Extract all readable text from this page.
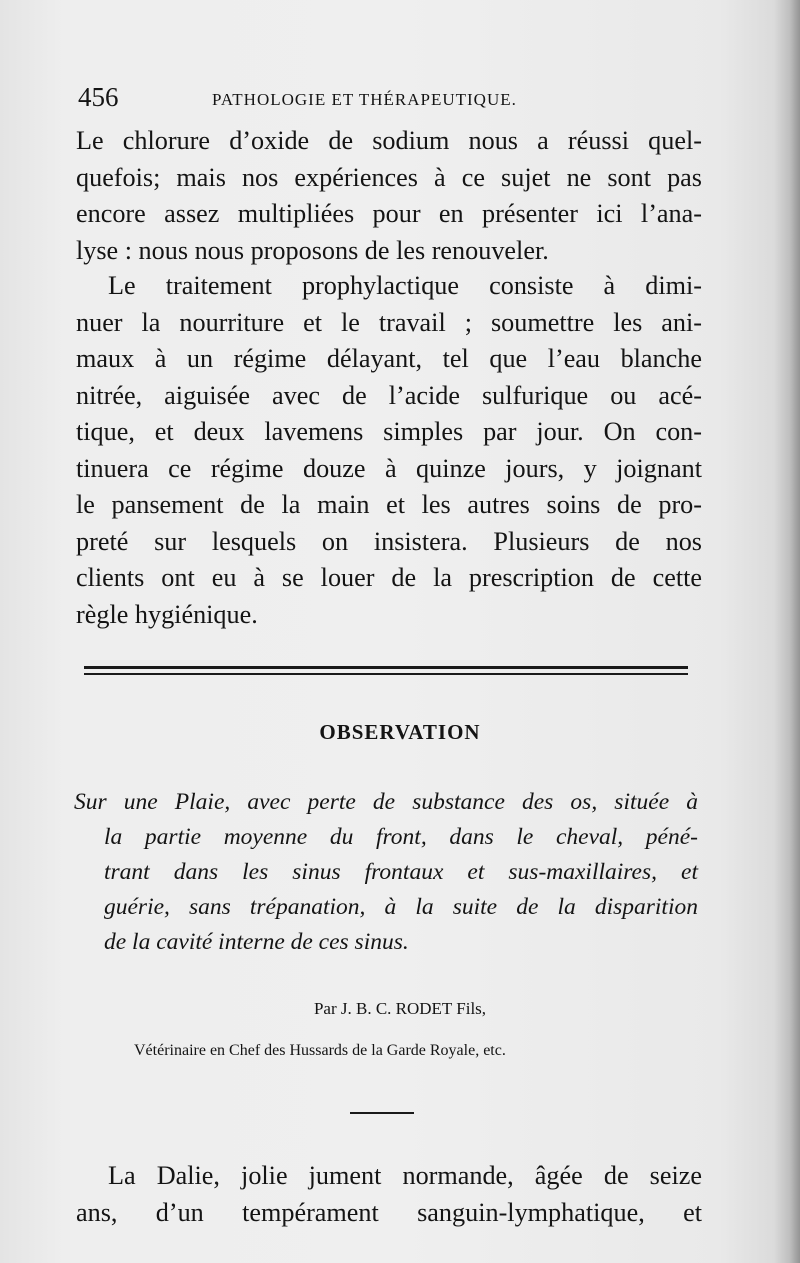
456	PATHOLOGIE ET THÉRAPEUTIQUE.
Le chlorure d’oxide de sodium nous a réussi quel-
quefois; mais nos expériences à ce sujet ne sont pas
encore assez multipliées pour en présenter ici l’ana-
lyse : nous nous proposons de les renouveler.
Le traitement prophylactique consiste à dimi-
nuer la nourriture et le travail ; soumettre les ani-
maux à un régime délayant, tel que l’eau blanche
nitrée, aiguisée avec de l’acide sulfurique ou acé-
tique, et deux lavemens simples par jour. On con-
tinuera ce régime douze à quinze jours, y joignant
le pansement de la main et les autres soins de pro-
preté sur lesquels on insistera. Plusieurs de nos
clients ont eu à se louer de la prescription de cette
règle hygiénique.
OBSERVATION
Sur une Plaie, avec perte de substance des os, située à
la partie moyenne du front, dans le cheval, péné-
trant dans les sinus frontaux et sus-maxillaires, et
guérie, sans trépanation, à la suite de la disparition
de la cavité interne de ces sinus.
Par J. B. C. RODET Fils,
Vétérinaire en Chef des Hussards de la Garde Royale, etc.
La Dalie, jolie jument normande, âgée de seize
ans, d’un tempérament sanguin-lymphatique, et
